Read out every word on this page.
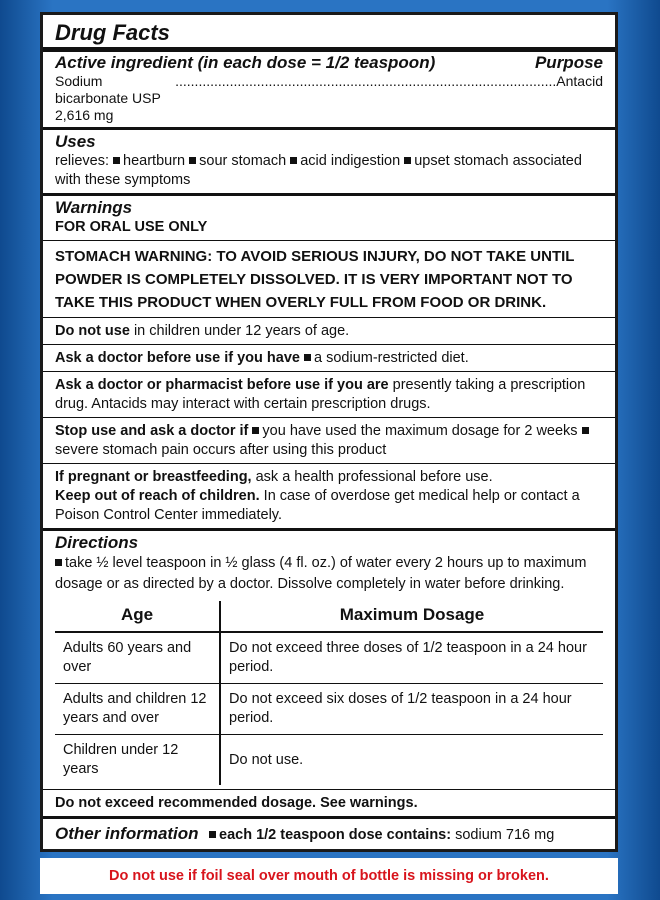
Drug Facts
Active ingredient (in each dose = 1/2 teaspoon)	Purpose
Sodium bicarbonate USP 2,616 mg
.................................................................................................. Antacid
Uses
relieves: heartburn sour stomach acid indigestion upset stomach associated with these symptoms
Warnings
FOR ORAL USE ONLY
STOMACH WARNING: TO AVOID SERIOUS INJURY, DO NOT TAKE UNTIL POWDER IS COMPLETELY DISSOLVED. IT IS VERY IMPORTANT NOT TO TAKE THIS PRODUCT WHEN OVERLY FULL FROM FOOD OR DRINK.
Do not use in children under 12 years of age.
Ask a doctor before use if you have a sodium-restricted diet.
Ask a doctor or pharmacist before use if you are presently taking a prescription drug. Antacids may interact with certain prescription drugs.
Stop use and ask a doctor if you have used the maximum dosage for 2 weeks severe stomach pain occurs after using this product
If pregnant or breastfeeding, ask a health professional before use.
Keep out of reach of children. In case of overdose get medical help or contact a Poison Control Center immediately.
Directions
take ½ level teaspoon in ½ glass (4 fl. oz.) of water every 2 hours up to maximum dosage or as directed by a doctor. Dissolve completely in water before drinking.
Age	Maximum Dosage
Adults 60 years and over	Do not exceed three doses of 1/2 teaspoon in a 24 hour period.
Adults and children 12 years and over	Do not exceed six doses of 1/2 teaspoon in a 24 hour period.
Children under 12 years	Do not use.
Do not exceed recommended dosage. See warnings.
Other information each 1/2 teaspoon dose contains: sodium 716 mg
Do not use if foil seal over mouth of bottle is missing or broken.
